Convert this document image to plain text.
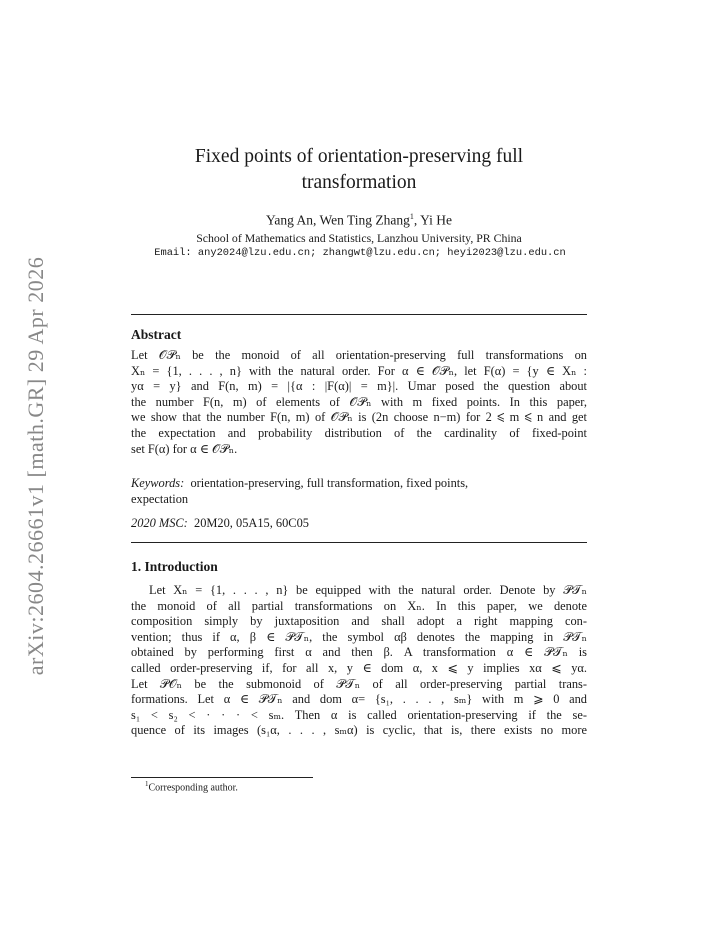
arXiv:2604.26661v1 [math.GR] 29 Apr 2026
Fixed points of orientation-preserving full
transformation
Yang An, Wen Ting Zhang$^1$, Yi He
School of Mathematics and Statistics, Lanzhou University, PR China
Email: any2024@lzu.edu.cn; zhangwt@lzu.edu.cn; heyi2023@lzu.edu.cn
Abstract
Let 𝒪𝒫ₙ be the monoid of all orientation-preserving full transformations on
Xₙ = {1, . . . , n} with the natural order. For α ∈ 𝒪𝒫ₙ, let F(α) = {y ∈ Xₙ :
yα = y} and F(n, m) = |{α : |F(α)| = m}|. Umar posed the question about
the number F(n, m) of elements of 𝒪𝒫ₙ with m fixed points. In this paper,
we show that the number F(n, m) of 𝒪𝒫ₙ is (2n choose n−m) for 2 ⩽ m ⩽ n and get
the expectation and probability distribution of the cardinality of fixed-point
set F(α) for α ∈ 𝒪𝒫ₙ.
Keywords: orientation-preserving, full transformation, fixed points,
expectation
2020 MSC: 20M20, 05A15, 60C05
1. Introduction
Let Xₙ = {1, . . . , n} be equipped with the natural order. Denote by 𝒫𝒯ₙ
the monoid of all partial transformations on Xₙ. In this paper, we denote
composition simply by juxtaposition and shall adopt a right mapping con-
vention; thus if α, β ∈ 𝒫𝒯ₙ, the symbol αβ denotes the mapping in 𝒫𝒯ₙ
obtained by performing first α and then β. A transformation α ∈ 𝒫𝒯ₙ is
called order-preserving if, for all x, y ∈ dom α, x ⩽ y implies xα ⩽ yα.
Let 𝒫𝒪ₙ be the submonoid of 𝒫𝒯ₙ of all order-preserving partial trans-
formations. Let α ∈ 𝒫𝒯ₙ and dom α= {s₁, . . . , sₘ} with m ⩾ 0 and
s₁ < s₂ < · · · < sₘ. Then α is called orientation-preserving if the se-
quence of its images (s₁α, . . . , sₘα) is cyclic, that is, there exists no more
$^1$Corresponding author.
